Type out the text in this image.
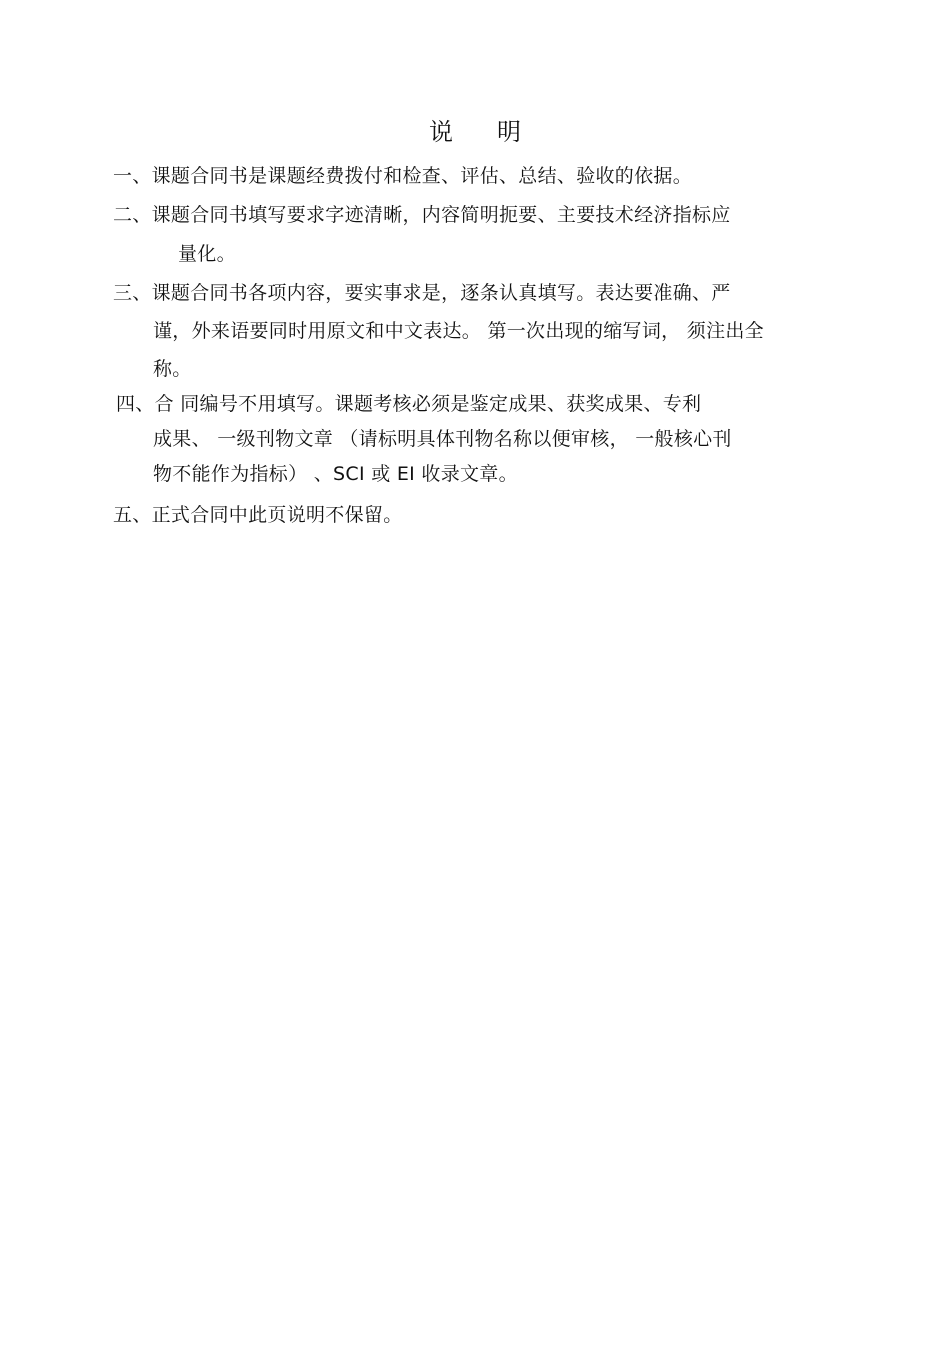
说 明
一、课题合同书是课题经费拨付和检查、评估、总结、验收的依据。
二、课题合同书填写要求字迹清晰，内容简明扼要、主要技术经济指标应
量化。
三、课题合同书各项内容，要实事求是，逐条认真填写。表达要准确、严
谨，外来语要同时用原文和中文表达。 第一次出现的缩写词， 须注出全
称。
四、合 同编号不用填写。课题考核必须是鉴定成果、获奖成果、专利
成果、 一级刊物文章 （请标明具体刊物名称以便审核， 一般核心刊
物不能作为指标） 、SCI 或 EI 收录文章。
五、正式合同中此页说明不保留。
